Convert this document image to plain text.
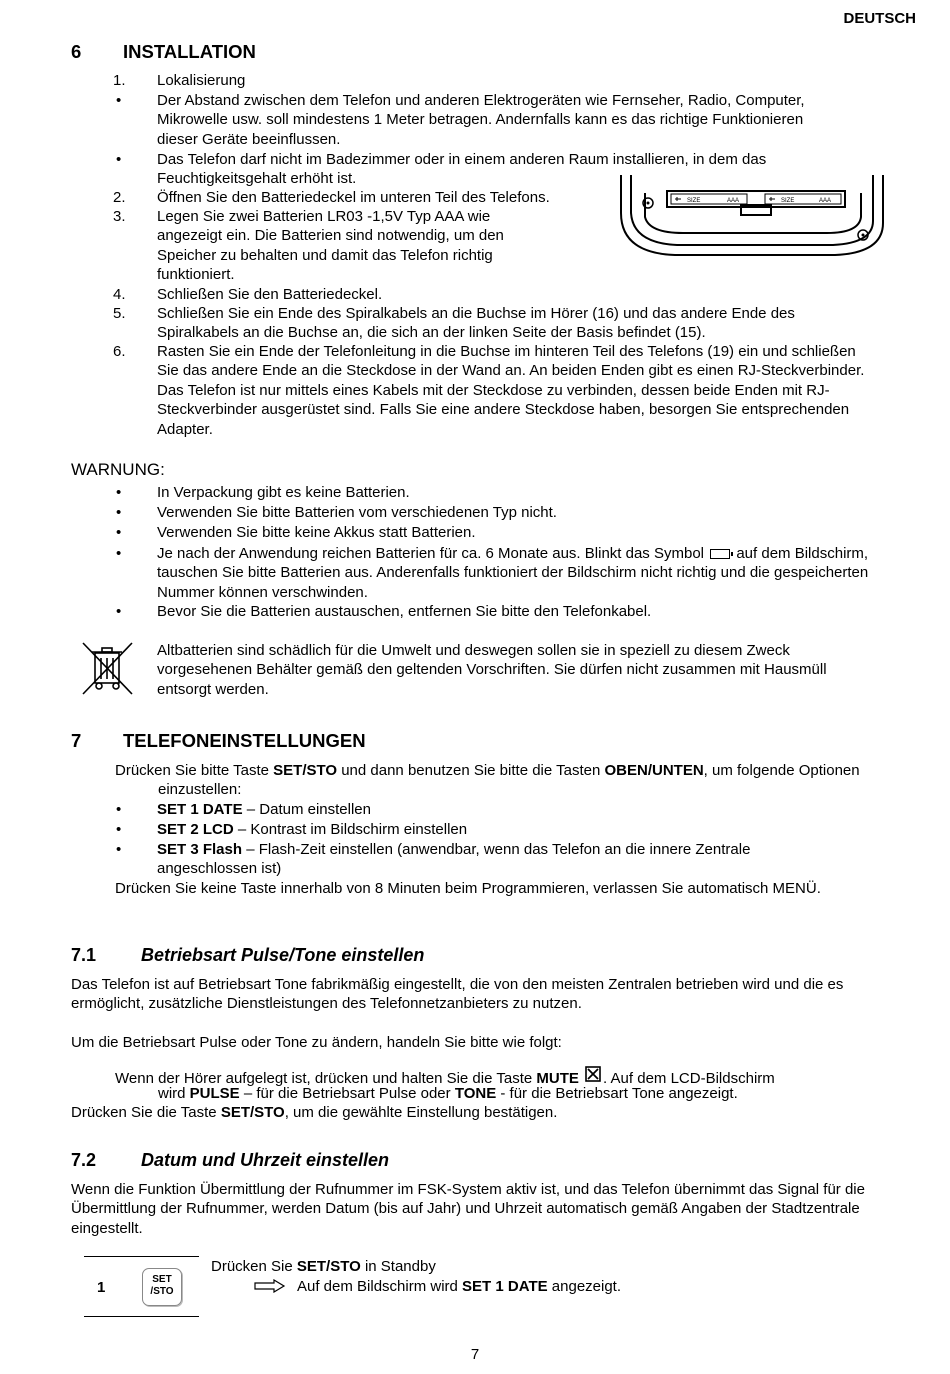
DEUTSCH
6 INSTALLATION
1.	Lokalisierung
• Der Abstand zwischen dem Telefon und anderen Elektrogeräten wie Fernseher, Radio, Computer, Mikrowelle usw. soll mindestens 1 Meter betragen. Andernfalls kann es das richtige Funktionieren dieser Geräte beeinflussen.
• Das Telefon darf nicht im Badezimmer oder in einem anderen Raum installieren, in dem das Feuchtigkeitsgehalt erhöht ist.
2.	Öffnen Sie den Batteriedeckel im unteren Teil des Telefons.
3.	Legen Sie zwei Batterien LR03 -1,5V Typ AAA wie angezeigt ein. Die Batterien sind notwendig, um den Speicher zu behalten und damit das Telefon richtig funktioniert.
4.	Schließen Sie den Batteriedeckel.
5.	Schließen Sie ein Ende des Spiralkabels an die Buchse im Hörer (16) und das andere Ende des Spiralkabels an die Buchse an, die sich an der linken Seite der Basis befindet (15).
6.	Rasten Sie ein Ende der Telefonleitung in die Buchse im hinteren Teil des Telefons (19) ein und schließen Sie das andere Ende an die Steckdose in der Wand an. An beiden Enden gibt es einen RJ-Steckverbinder. Das Telefon ist nur mittels eines Kabels mit der Steckdose zu verbinden, dessen beide Enden mit RJ-Steckverbinder ausgerüstet sind. Falls Sie eine andere Steckdose haben, besorgen Sie entsprechenden Adapter.
SIZE	AAA	SIZE	AAA
WARNUNG:
• In Verpackung gibt es keine Batterien.
• Verwenden Sie bitte Batterien vom verschiedenen Typ nicht.
• Verwenden Sie bitte keine Akkus statt Batterien.
• Je nach der Anwendung reichen Batterien für ca. 6 Monate aus. Blinkt das Symbol auf dem Bildschirm, tauschen Sie bitte Batterien aus. Anderenfalls funktioniert der Bildschirm nicht richtig und die gespeicherten Nummer können verschwinden.
• Bevor Sie die Batterien austauschen, entfernen Sie bitte den Telefonkabel.
Altbatterien sind schädlich für die Umwelt und deswegen sollen sie in speziell zu diesem Zweck vorgesehenen Behälter gemäß den geltenden Vorschriften. Sie dürfen nicht zusammen mit Hausmüll entsorgt werden.
7 TELEFONEINSTELLUNGEN
Drücken Sie bitte Taste SET/STO und dann benutzen Sie bitte die Tasten OBEN/UNTEN, um folgende Optionen einzustellen:
• SET 1 DATE – Datum einstellen
• SET 2 LCD – Kontrast im Bildschirm einstellen
• SET 3 Flash – Flash-Zeit einstellen (anwendbar, wenn das Telefon an die innere Zentrale angeschlossen ist)
Drücken Sie keine Taste innerhalb von 8 Minuten beim Programmieren, verlassen Sie automatisch MENÜ.
7.1 Betriebsart Pulse/Tone einstellen
Das Telefon ist auf Betriebsart Tone fabrikmäßig eingestellt, die von den meisten Zentralen betrieben wird und die es ermöglicht, zusätzliche Dienstleistungen des Telefonnetzanbieters zu nutzen.
Um die Betriebsart Pulse oder Tone zu ändern, handeln Sie bitte wie folgt:
Wenn der Hörer aufgelegt ist, drücken und halten Sie die Taste MUTE . Auf dem LCD-Bildschirm
wird PULSE – für die Betriebsart Pulse oder TONE - für die Betriebsart Tone angezeigt.
Drücken Sie die Taste SET/STO, um die gewählte Einstellung bestätigen.
7.2 Datum und Uhrzeit einstellen
Wenn die Funktion Übermittlung der Rufnummer im FSK-System aktiv ist, und das Telefon übernimmt das Signal für die Übermittlung der Rufnummer, werden Datum (bis auf Jahr) und Uhrzeit automatisch gemäß Angaben der Stadtzentrale eingestellt.
1	SET
/STO
Drücken Sie SET/STO in Standby
Auf dem Bildschirm wird SET 1 DATE angezeigt.
7
